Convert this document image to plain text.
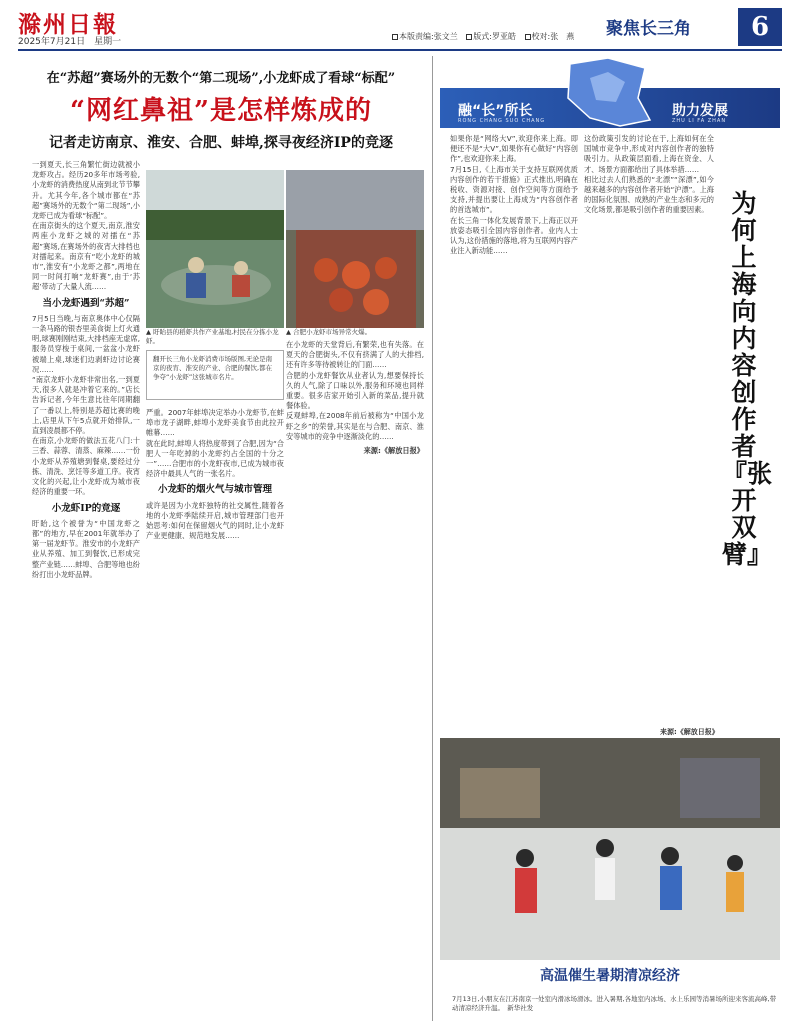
滁州日報
2025年7月21日　星期一
本版责编:张文兰 版式:罗亚皓 校对:张　燕	聚焦长三角	6
在“苏超”赛场外的无数个“第二现场”,小龙虾成了看球“标配”
“网红鼻祖”是怎样炼成的
记者走访南京、淮安、合肥、蚌埠,探寻夜经济IP的竞逐

一到夏天,长三角繁忙街边就被小龙虾攻占。经历20多年市场考验,小龙虾的消费热度从南到北节节攀升。尤其今年,各个城市都在“苏超”赛场外的无数个“第二现场”,小龙虾已成为看球“标配”。

在南京街头的这个夏天,南京,淮安两座小龙虾之城的对擂在“苏超”赛场,在赛场外的夜宵大排档也对擂起来。南京有“吃小龙虾的城市”,淮安有“小龙虾之都”,两地在同一时间打响“龙虾赛”,由于‘苏超’带动了大量人流……

当小龙虾遇到“苏超”

7月5日当晚,与南京奥体中心仅隔一条马路的银杏里美食街上灯火通明,球赛刚刚结束,大排档座无虚席,服务员穿梭于桌间,一盆盆小龙虾被端上桌,球迷们边剥虾边讨论赛况……

“南京龙虾小龙虾非常出名,一到夏天,很多人就是冲着它来的。”店长告诉记者,今年生意比往年同期翻了一番以上,特别是苏超比赛的晚上,店里从下午5点就开始排队,一直到凌晨都不停。

在南京,小龙虾的做法五花八门:十三香、蒜蓉、清蒸、麻辣……一份小龙虾从养殖塘到餐桌,要经过分拣、清洗、烹饪等多道工序。夜宵文化的兴起,让小龙虾成为城市夜经济的重要一环。

小龙虾IP的竞逐

盱眙,这个被誉为“中国龙虾之都”的地方,早在2001年就举办了第一届龙虾节。淮安市的小龙虾产业从养殖、加工到餐饮,已形成完整产业链……蚌埠、合肥等地也纷纷打出小龙虾品牌。

▲ 盱眙县的稻虾共作产业基地,村民在分拣小龙虾。
翻开长三角小龙虾消费市场版图,无论是南京的夜宵、淮安的产业、合肥的餐饮,都在争夺“小龙虾”这张城市名片。
▲ 合肥小龙虾市场异常火爆。

严重。2007年蚌埠决定举办小龙虾节,在蚌埠市龙子湖畔,蚌埠小龙虾美食节由此拉开帷幕……

就在此时,蚌埠人将热度带到了合肥,因为“合肥人一年吃掉的小龙虾约占全国的十分之一”……合肥市的小龙虾夜市,已成为城市夜经济中最具人气的一张名片。

小龙虾的烟火气与城市管理

或许是因为小龙虾独特的社交属性,随着各地的小龙虾季陆续开启,城市管理部门也开始思考:如何在保留烟火气的同时,让小龙虾产业更健康、规范地发展……

在小龙虾的天堂背后,有繁荣,也有失落。在夏天的合肥街头,不仅有挤满了人的大排档,还有许多等待被转让的门面……

合肥的小龙虾餐饮从业者认为,想要保持长久的人气,除了口味以外,服务和环境也同样重要。很多店家开始引入新的菜品,提升就餐体验。

反观蚌埠,在2008年前后被称为“中国小龙虾之乡”的荣誉,其实是在与合肥、南京、淮安等城市的竞争中逐渐淡化的……

来源:《解放日报》

融“长”所长
RONG CHANG SUO CHANG
助力发展
ZHU LI FA ZHAN

如果你是“网络大V”,欢迎你来上海。即便还不是“大V”,如果你有心做好“内容创作”,也欢迎你来上海。

7月15日,《上海市关于支持互联网优质内容创作的若干措施》正式推出,明确在税收、资源对接、创作空间等方面给予支持,并提出要让上海成为“内容创作者的首选城市”。

在长三角一体化发展背景下,上海正以开放姿态吸引全国内容创作者。业内人士认为,这份措施的落地,将为互联网内容产业注入新动能……

这份政策引发的讨论在于,上海如何在全国城市竞争中,形成对内容创作者的独特吸引力。从政策层面看,上海在资金、人才、场景方面都给出了具体举措……

相比过去人们熟悉的“北漂”“深漂”,如今越来越多的内容创作者开始“沪漂”。上海的国际化氛围、成熟的产业生态和多元的文化场景,都是吸引创作者的重要因素。

来源:《解放日报》
为何上海向内容创作者『张开双臂』
高温催生暑期清凉经济
7月13日,小朋友在江苏南京一处室内滑冰场滑冰。进入暑期,各地室内冰场、水上乐园等消暑场所迎来客流高峰,带动清凉经济升温。　新华社发
